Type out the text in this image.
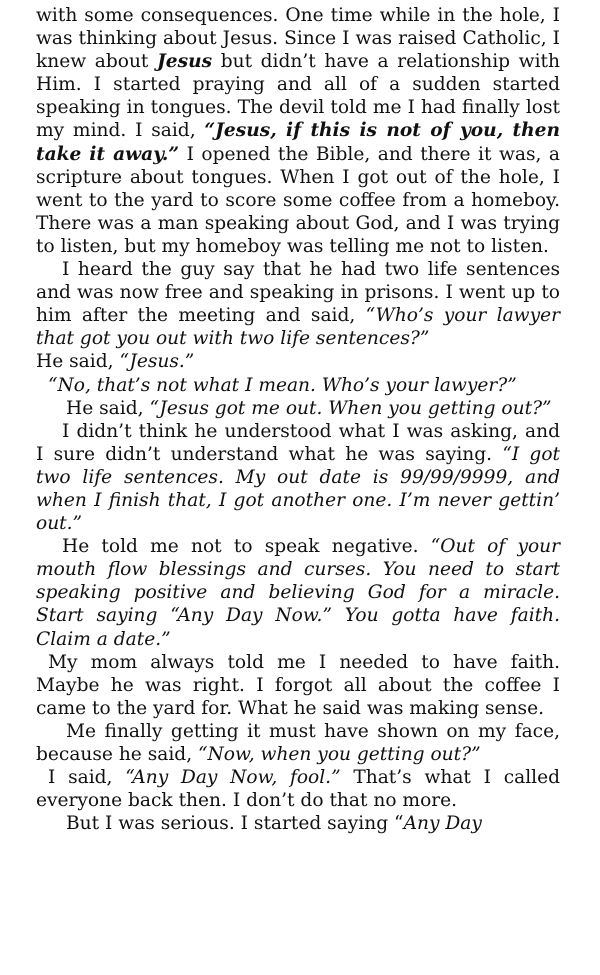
with some consequences. One time while in the hole, I was thinking about Jesus. Since I was raised Catholic, I knew about Jesus but didn’t have a relationship with Him. I started praying and all of a sudden started speaking in tongues. The devil told me I had finally lost my mind. I said, “Jesus, if this is not of you, then take it away.” I opened the Bible, and there it was, a scripture about tongues. When I got out of the hole, I went to the yard to score some coffee from a homeboy. There was a man speaking about God, and I was trying to listen, but my homeboy was telling me not to listen.

I heard the guy say that he had two life sentences and was now free and speaking in prisons. I went up to him after the meeting and said, “Who’s your lawyer that got you out with two life sentences?”

He said, “Jesus.”

“No, that’s not what I mean. Who’s your lawyer?”

He said, “Jesus got me out. When you getting out?”

I didn’t think he understood what I was asking, and I sure didn’t understand what he was saying. “I got two life sentences. My out date is 99/99/9999, and when I finish that, I got another one. I’m never gettin’ out.”

He told me not to speak negative. “Out of your mouth flow blessings and curses. You need to start speaking positive and believing God for a miracle. Start saying “Any Day Now.” You gotta have faith. Claim a date.”

My mom always told me I needed to have faith. Maybe he was right. I forgot all about the coffee I came to the yard for. What he said was making sense.

Me finally getting it must have shown on my face, because he said, “Now, when you getting out?”

I said, “Any Day Now, fool.” That’s what I called everyone back then. I don’t do that no more.

But I was serious. I started saying “Any Day
